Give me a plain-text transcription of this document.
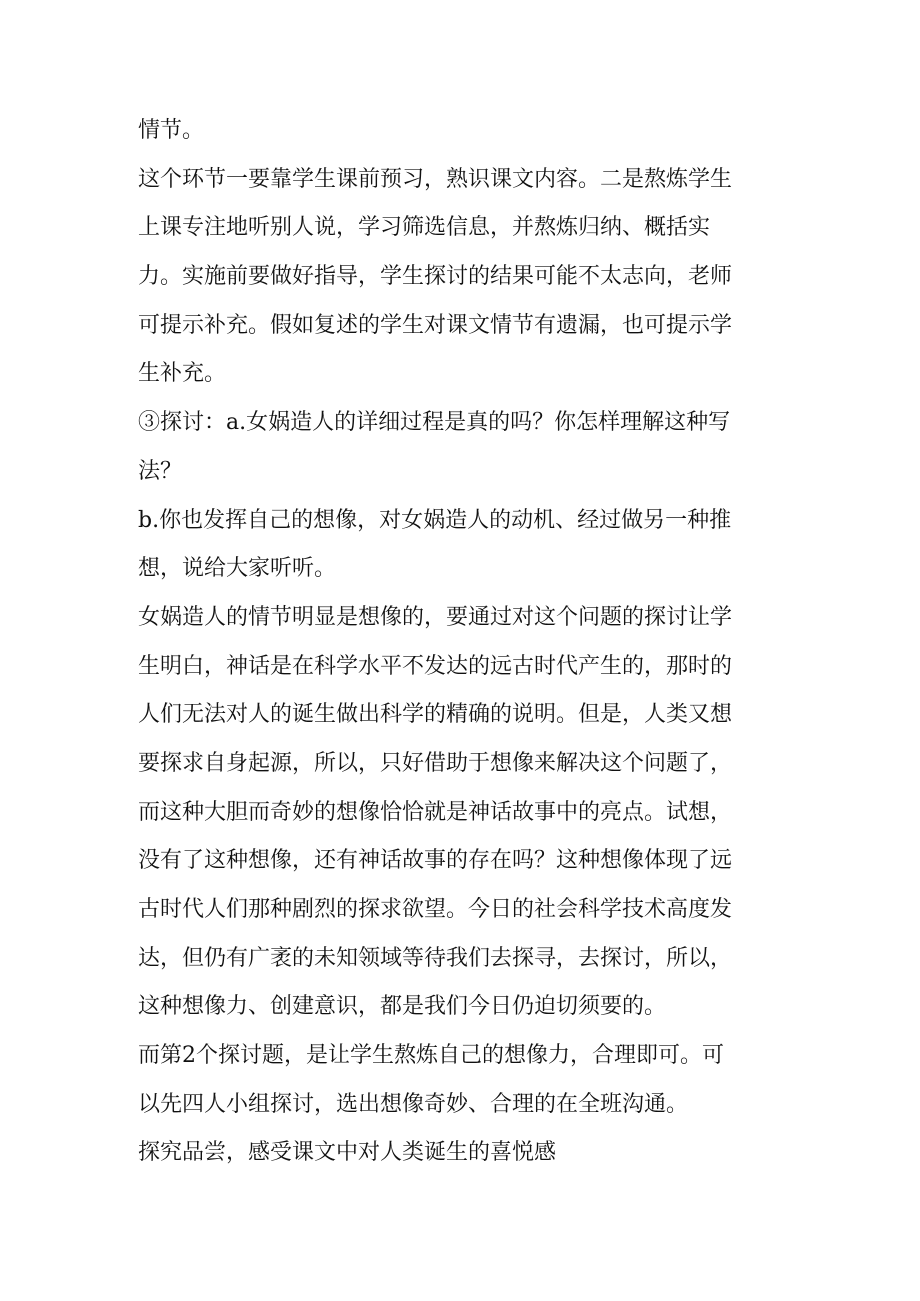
情节。
这个环节一要靠学生课前预习，熟识课文内容。二是熬炼学生
上课专注地听别人说，学习筛选信息，并熬炼归纳、概括实
力。实施前要做好指导，学生探讨的结果可能不太志向，老师
可提示补充。假如复述的学生对课文情节有遗漏，也可提示学
生补充。
③探讨：a.女娲造人的详细过程是真的吗？你怎样理解这种写
法？
b.你也发挥自己的想像，对女娲造人的动机、经过做另一种推
想，说给大家听听。
女娲造人的情节明显是想像的，要通过对这个问题的探讨让学
生明白，神话是在科学水平不发达的远古时代产生的，那时的
人们无法对人的诞生做出科学的精确的说明。但是，人类又想
要探求自身起源，所以，只好借助于想像来解决这个问题了，
而这种大胆而奇妙的想像恰恰就是神话故事中的亮点。试想，
没有了这种想像，还有神话故事的存在吗？这种想像体现了远
古时代人们那种剧烈的探求欲望。今日的社会科学技术高度发
达，但仍有广袤的未知领域等待我们去探寻，去探讨，所以，
这种想像力、创建意识，都是我们今日仍迫切须要的。
而第2个探讨题，是让学生熬炼自己的想像力，合理即可。可
以先四人小组探讨，选出想像奇妙、合理的在全班沟通。
探究品尝，感受课文中对人类诞生的喜悦感
